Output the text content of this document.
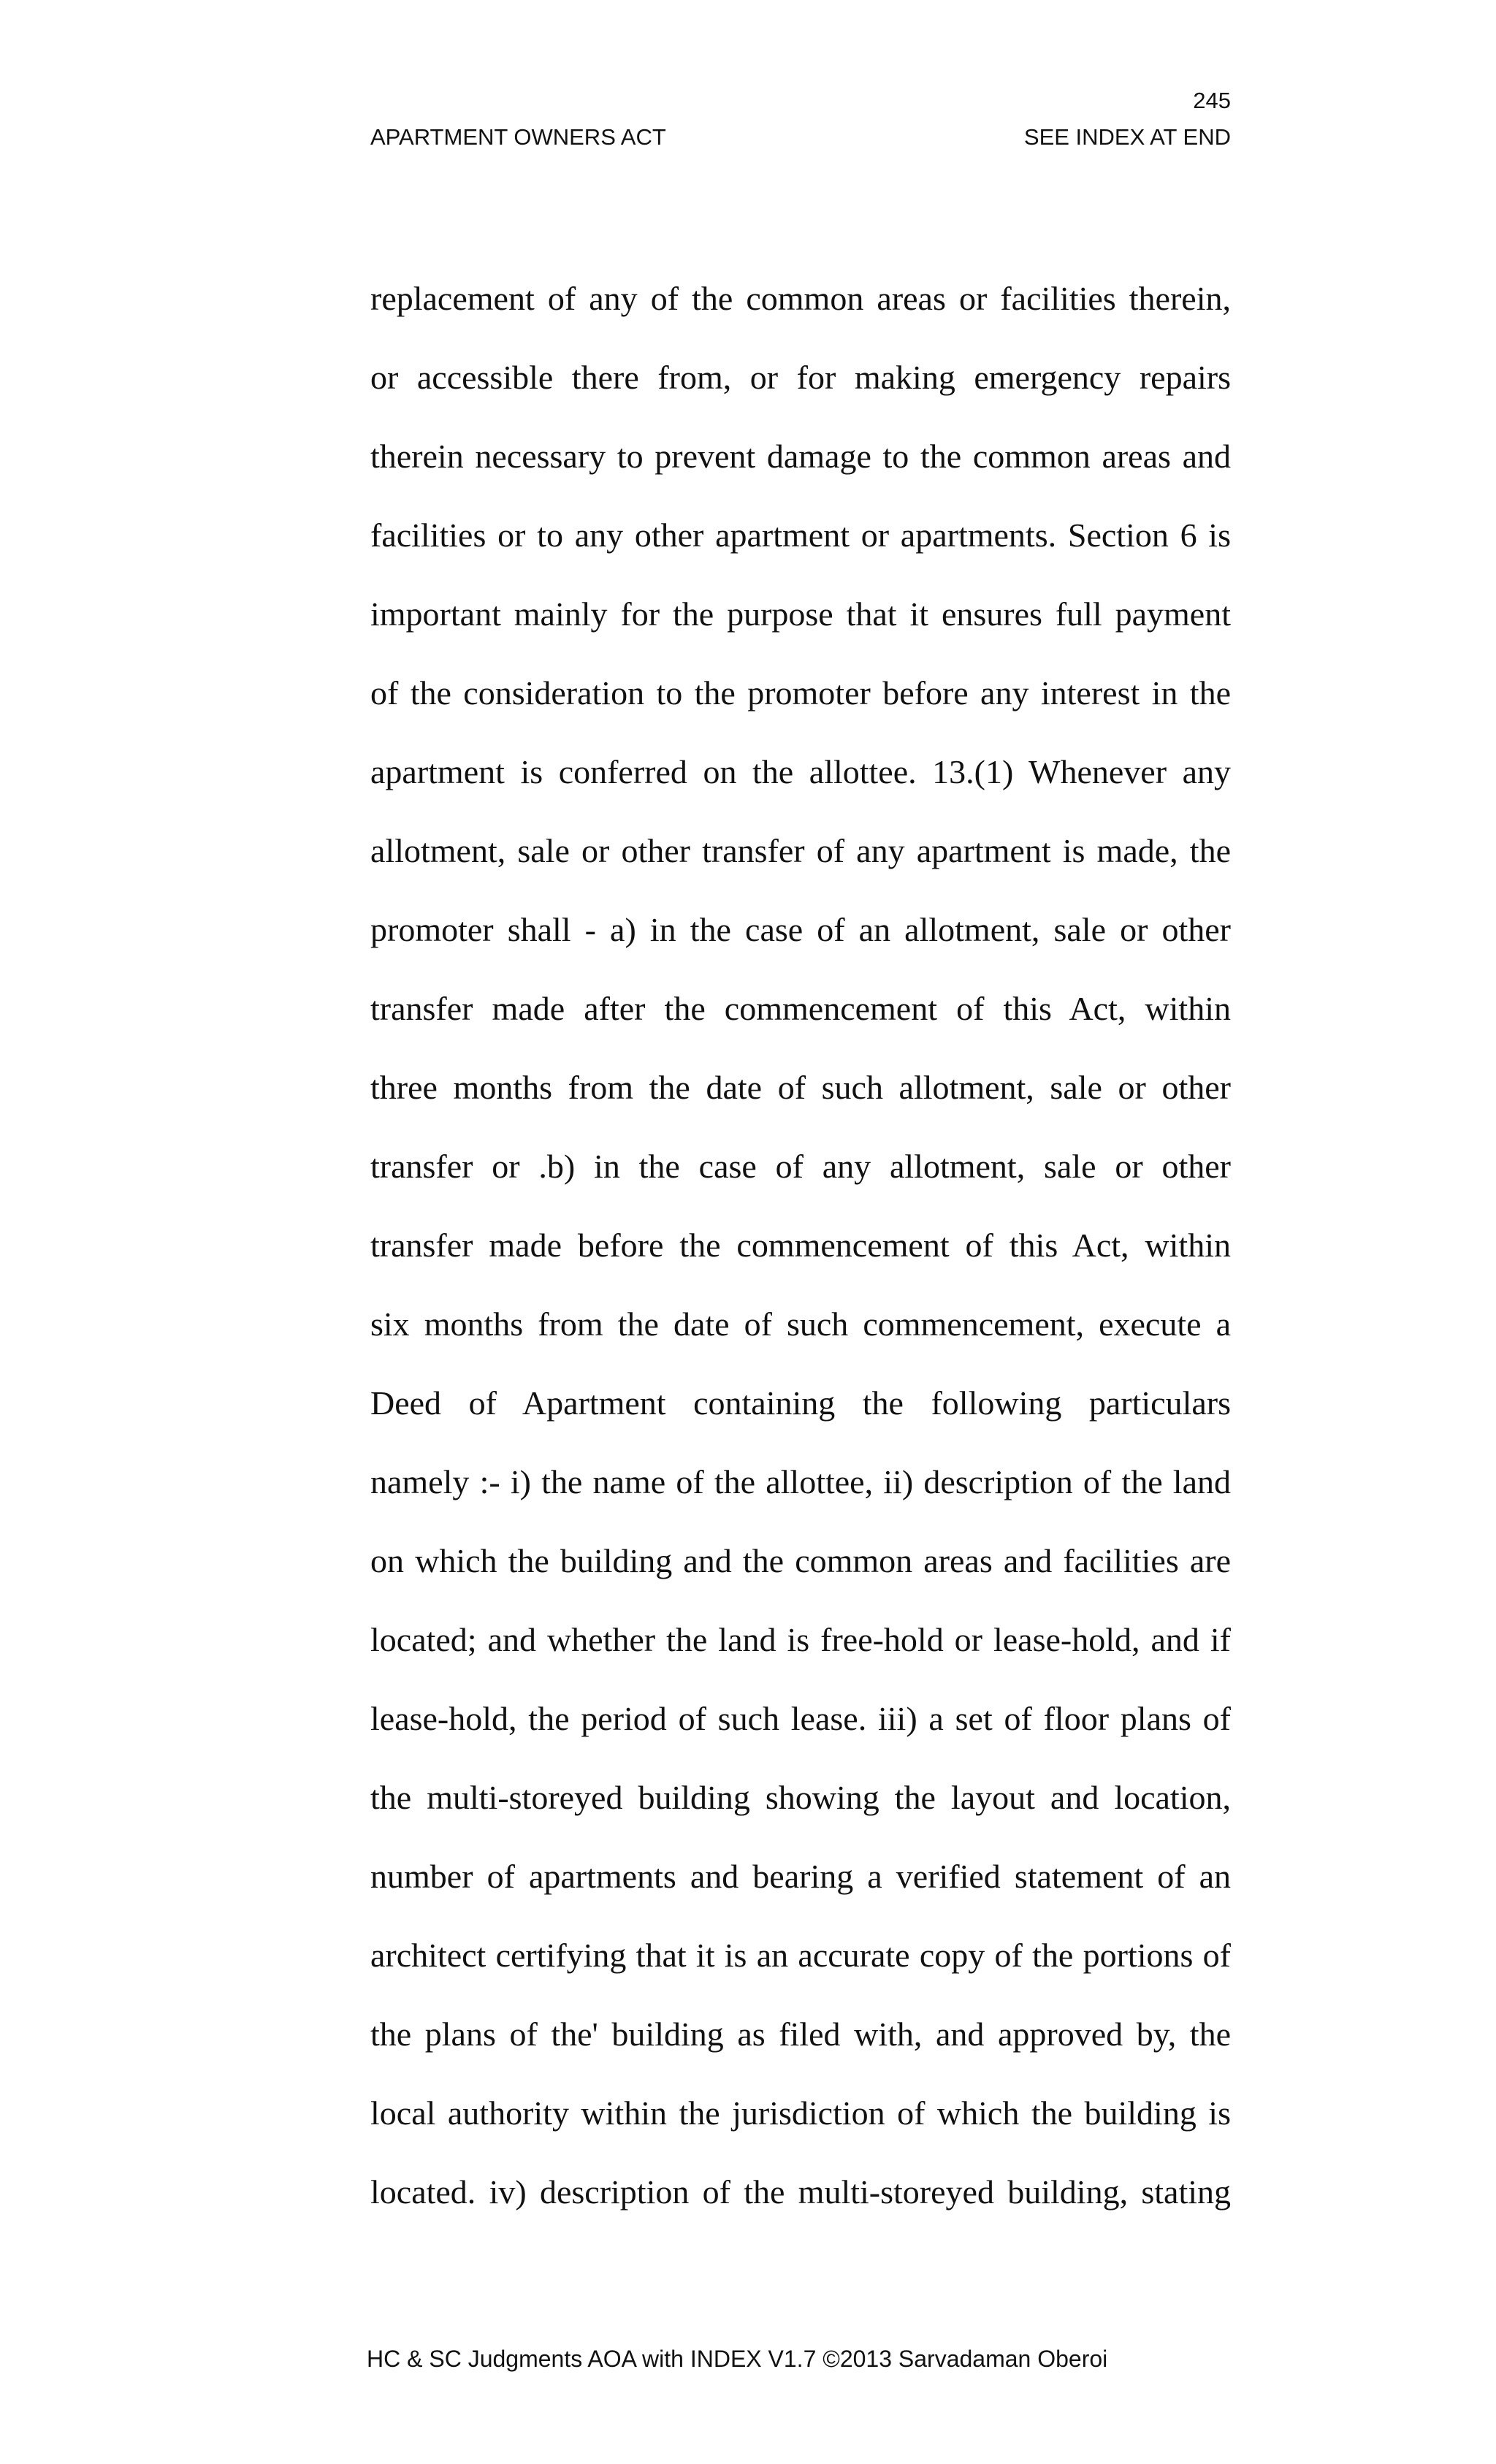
245
APARTMENT OWNERS ACT	SEE INDEX AT END
replacement of any of the common areas or facilities therein,
or accessible there from, or for making emergency repairs
therein necessary to prevent damage to the common areas and
facilities or to any other apartment or apartments. Section 6 is
important mainly for the purpose that it ensures full payment
of the consideration to the promoter before any interest in the
apartment is conferred on the allottee. 13.(1) Whenever any
allotment, sale or other transfer of any apartment is made, the
promoter shall - a) in the case of an allotment, sale or other
transfer made after the commencement of this Act, within
three months from the date of such allotment, sale or other
transfer or .b) in the case of any allotment, sale or other
transfer made before the commencement of this Act, within
six months from the date of such commencement, execute a
Deed of Apartment containing the following particulars
namely :- i) the name of the allottee, ii) description of the land
on which the building and the common areas and facilities are
located; and whether the land is free-hold or lease-hold, and if
lease-hold, the period of such lease. iii) a set of floor plans of
the multi-storeyed building showing the layout and location,
number of apartments and bearing a verified statement of an
architect certifying that it is an accurate copy of the portions of
the plans of the' building as filed with, and approved by, the
local authority within the jurisdiction of which the building is
located. iv) description of the multi-storeyed building, stating
HC & SC Judgments AOA with INDEX V1.7 ©2013 Sarvadaman Oberoi
